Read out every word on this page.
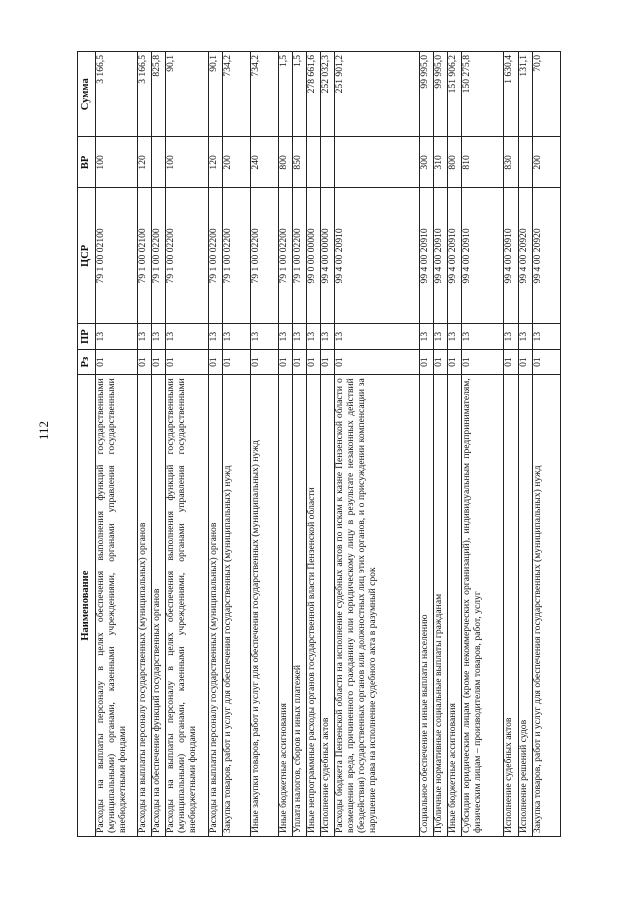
112
Наименование	Рз	ПР	ЦСР	ВР	Сумма
Расходы на выплаты персоналу в целях обеспечения выполнения функций государственными (муниципальными) органами, казенными учреждениями, органами управления государственными внебюджетными фондами	01	13	79 1 00 02100	100	3 166,5
Расходы на выплаты персоналу государственных (муниципальных) органов	01	13	79 1 00 02100	120	3 166,5
Расходы на обеспечение функций государственных органов	01	13	79 1 00 02200		825,8
Расходы на выплаты персоналу в целях обеспечения выполнения функций государственными (муниципальными) органами, казенными учреждениями, органами управления государственными внебюджетными фондами	01	13	79 1 00 02200	100	90,1
Расходы на выплаты персоналу государственных (муниципальных) органов	01	13	79 1 00 02200	120	90,1
Закупка товаров, работ и услуг для обеспечения государственных (муниципальных) нужд	01	13	79 1 00 02200	200	734,2
Иные закупки товаров, работ и услуг для обеспечения государственных (муниципальных) нужд	01	13	79 1 00 02200	240	734,2
Иные бюджетные ассигнования	01	13	79 1 00 02200	800	1,5
Уплата налогов, сборов и иных платежей	01	13	79 1 00 02200	850	1,5
Иные непрограммные расходы органов государственной власти Пензенской области	01	13	99 0 00 00000		278 661,6
Исполнение судебных актов	01	13	99 4 00 00000		252 032,3
Расходы бюджета Пензенской области на исполнение судебных актов по искам к казне Пензенской области о возмещении вреда, причиненного гражданину или юридическому лицу в результате незаконных действий (бездействия) государственных органов или должностных лиц этих органов, и о присуждении компенсации за нарушение права на исполнение судебного акта в разумный срок	01	13	99 4 00 20910		251 901,2
Социальное обеспечение и иные выплаты населению	01	13	99 4 00 20910	300	99 995,0
Публичные нормативные социальные выплаты гражданам	01	13	99 4 00 20910	310	99 995,0
Иные бюджетные ассигнования	01	13	99 4 00 20910	800	151 906,2
Субсидии юридическим лицам (кроме некоммерческих организаций), индивидуальным предпринимателям, физическим лицам – производителям товаров, работ, услуг	01	13	99 4 00 20910	810	150 275,8
Исполнение судебных актов	01	13	99 4 00 20910	830	1 630,4
Исполнение решений судов	01	13	99 4 00 20920		131,1
Закупка товаров, работ и услуг для обеспечения государственных (муниципальных) нужд	01	13	99 4 00 20920	200	70,0
